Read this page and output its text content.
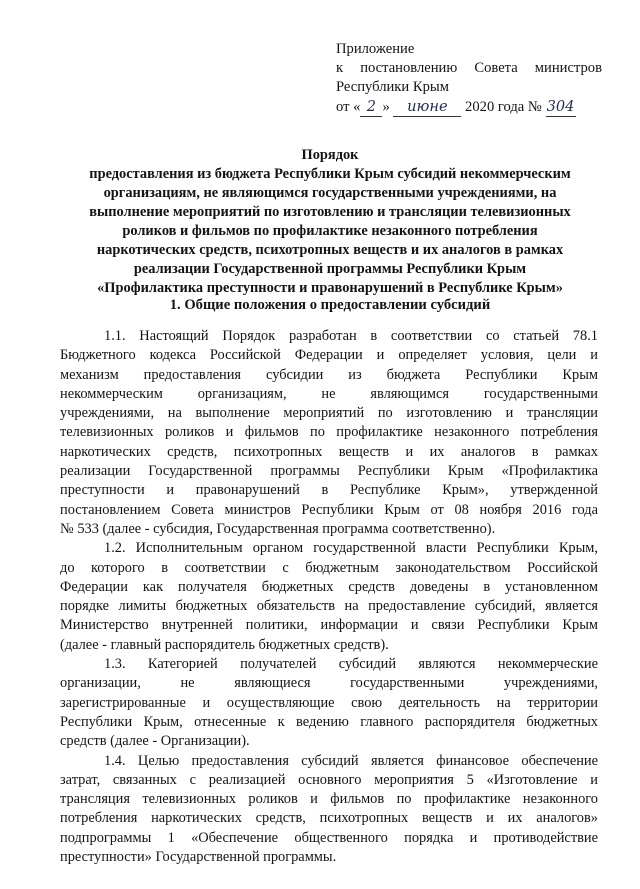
Приложение
к постановлению Совета министров
Республики Крым
от « 2 » июне 2020 года № 304
Порядок
предоставления из бюджета Республики Крым субсидий некоммерческим
организациям, не являющимся государственными учреждениями, на
выполнение мероприятий по изготовлению и трансляции телевизионных
роликов и фильмов по профилактике незаконного потребления
наркотических средств, психотропных веществ и их аналогов в рамках
реализации Государственной программы Республики Крым
«Профилактика преступности и правонарушений в Республике Крым»
1. Общие положения о предоставлении субсидий
1.1. Настоящий Порядок разработан в соответствии со статьей 78.1
Бюджетного кодекса Российской Федерации и определяет условия, цели и
механизм предоставления субсидии из бюджета Республики Крым
некоммерческим организациям, не являющимся государственными
учреждениями, на выполнение мероприятий по изготовлению и трансляции
телевизионных роликов и фильмов по профилактике незаконного потребления
наркотических средств, психотропных веществ и их аналогов в рамках
реализации Государственной программы Республики Крым «Профилактика
преступности и правонарушений в Республике Крым», утвержденной
постановлением Совета министров Республики Крым от 08 ноября 2016 года
№ 533 (далее - субсидия, Государственная программа соответственно).
1.2. Исполнительным органом государственной власти Республики Крым,
до которого в соответствии с бюджетным законодательством Российской
Федерации как получателя бюджетных средств доведены в установленном
порядке лимиты бюджетных обязательств на предоставление субсидий, является
Министерство внутренней политики, информации и связи Республики Крым
(далее - главный распорядитель бюджетных средств).
1.3. Категорией получателей субсидий являются некоммерческие
организации, не являющиеся государственными учреждениями,
зарегистрированные и осуществляющие свою деятельность на территории
Республики Крым, отнесенные к ведению главного распорядителя бюджетных
средств (далее - Организации).
1.4. Целью предоставления субсидий является финансовое обеспечение
затрат, связанных с реализацией основного мероприятия 5 «Изготовление и
трансляция телевизионных роликов и фильмов по профилактике незаконного
потребления наркотических средств, психотропных веществ и их аналогов»
подпрограммы 1 «Обеспечение общественного порядка и противодействие
преступности» Государственной программы.
